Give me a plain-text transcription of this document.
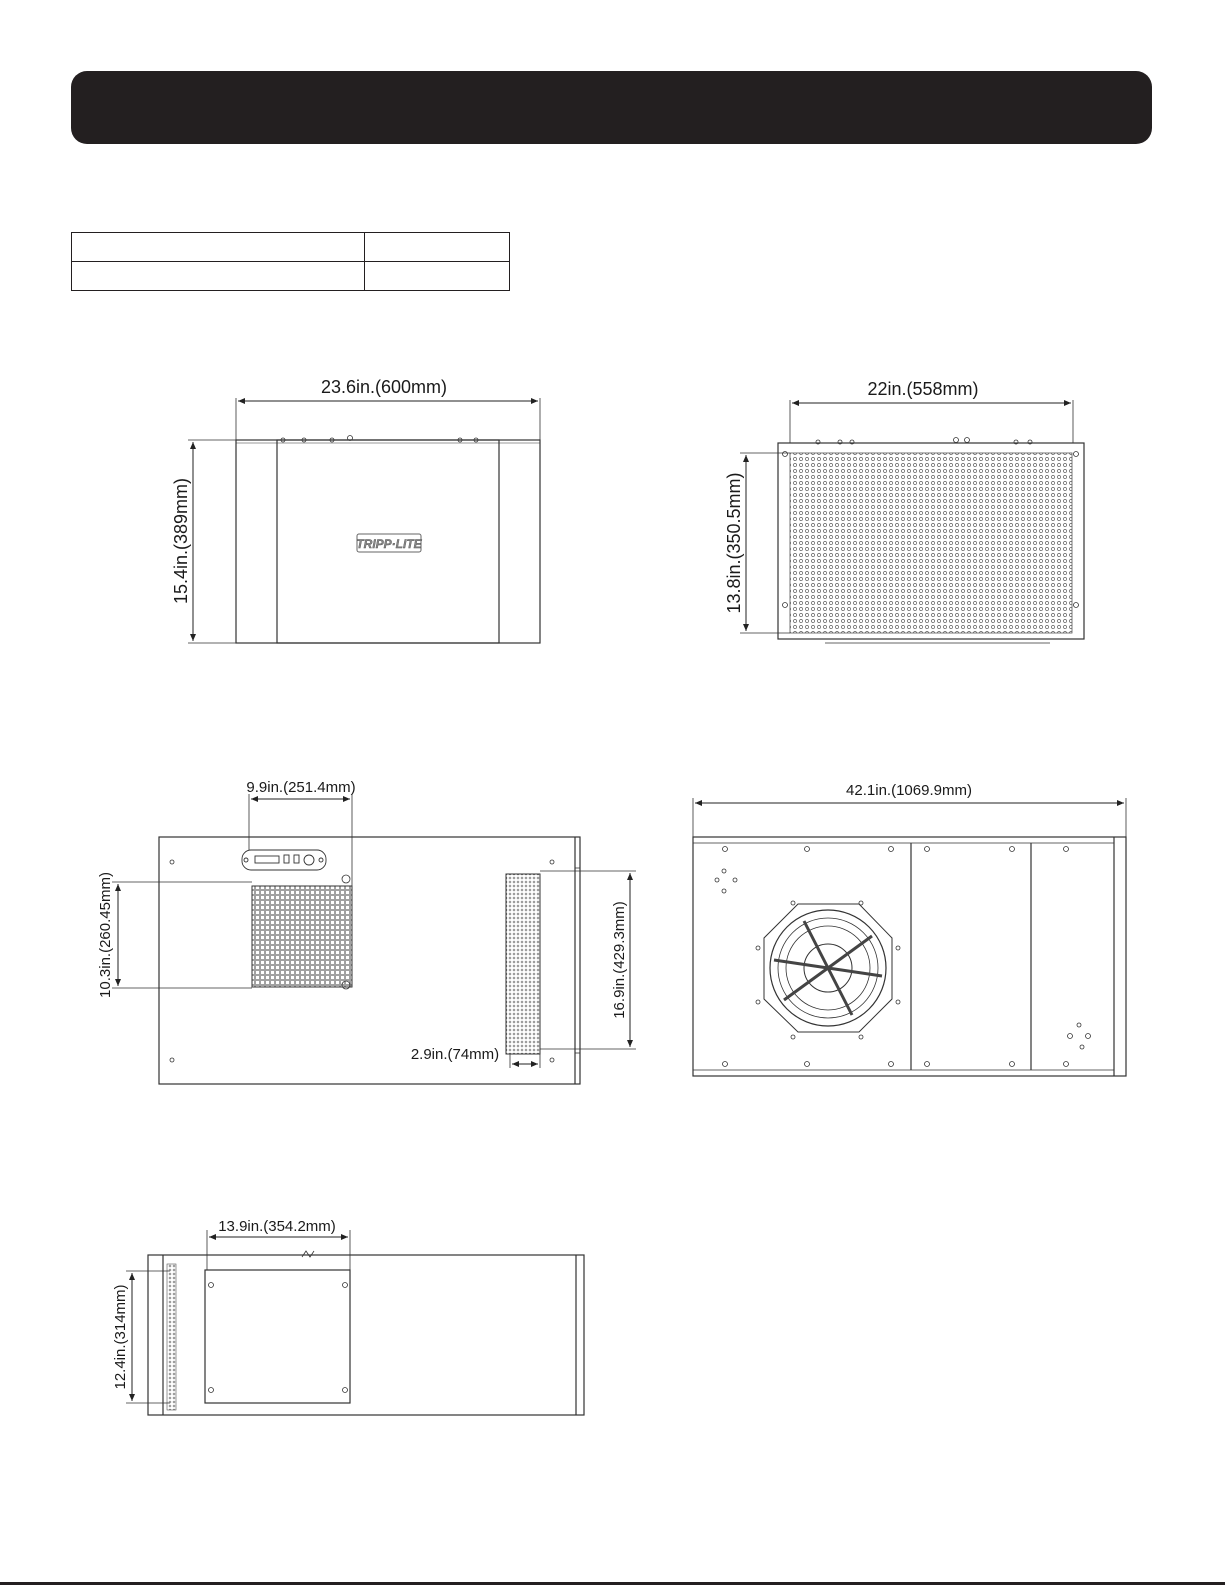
TRIPP·LITE
23.6in.(600mm)
15.4in.(389mm)
22in.(558mm)
13.8in.(350.5mm)
9.9in.(251.4mm)
10.3in.(260.45mm)	16.9in.(429.3mm)
2.9in.(74mm)
42.1in.(1069.9mm)
13.9in.(354.2mm)
12.4in.(314mm)
